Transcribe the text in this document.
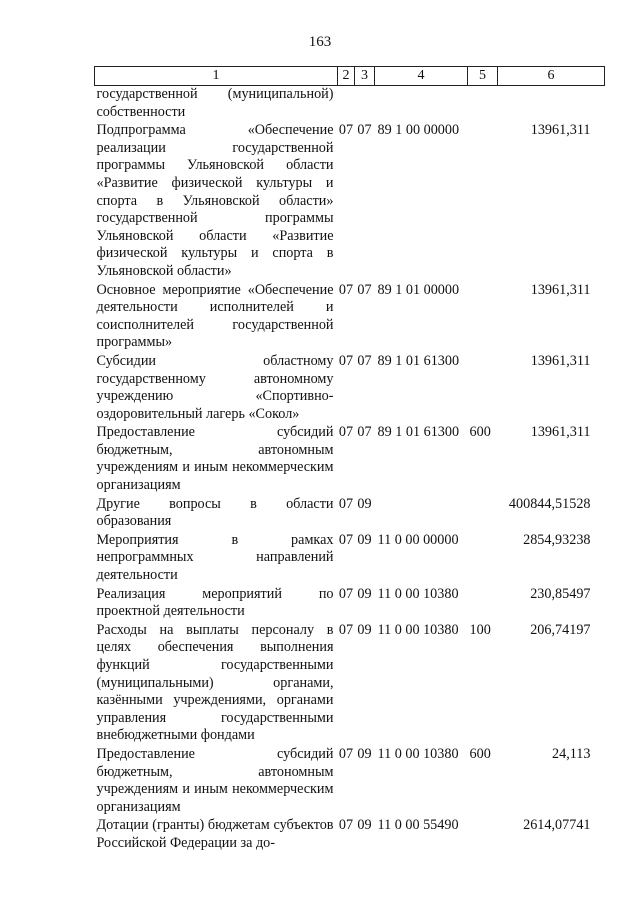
163
1	2	3	4	5	6
государственной (муниципальной) собственности					
Подпрограмма «Обеспечение реализации государственной программы Ульяновской области «Развитие физической культуры и спорта в Ульяновской области» государственной программы Ульяновской области «Развитие физической культуры и спорта в Ульяновской области»	07	07	89 1 00 00000		13961,311
Основное мероприятие «Обеспечение деятельности исполнителей и соисполнителей государственной программы»	07	07	89 1 01 00000		13961,311
Субсидии областному государственному автономному учреждению «Спортивно-оздоровительный лагерь «Сокол»	07	07	89 1 01 61300		13961,311
Предоставление субсидий бюджетным, автономным учреждениям и иным некоммерческим организациям	07	07	89 1 01 61300	600	13961,311
Другие вопросы в области образования	07	09			400844,51528
Мероприятия в рамках непрограммных направлений деятельности	07	09	11 0 00 00000		2854,93238
Реализация мероприятий по проектной деятельности	07	09	11 0 00 10380		230,85497
Расходы на выплаты персоналу в целях обеспечения выполнения функций государственными (муниципальными) органами, казёнными учреждениями, органами управления государственными внебюджетными фондами	07	09	11 0 00 10380	100	206,74197
Предоставление субсидий бюджетным, автономным учреждениям и иным некоммерческим организациям	07	09	11 0 00 10380	600	24,113
Дотации (гранты) бюджетам субъектов Российской Федерации за до-	07	09	11 0 00 55490		2614,07741
